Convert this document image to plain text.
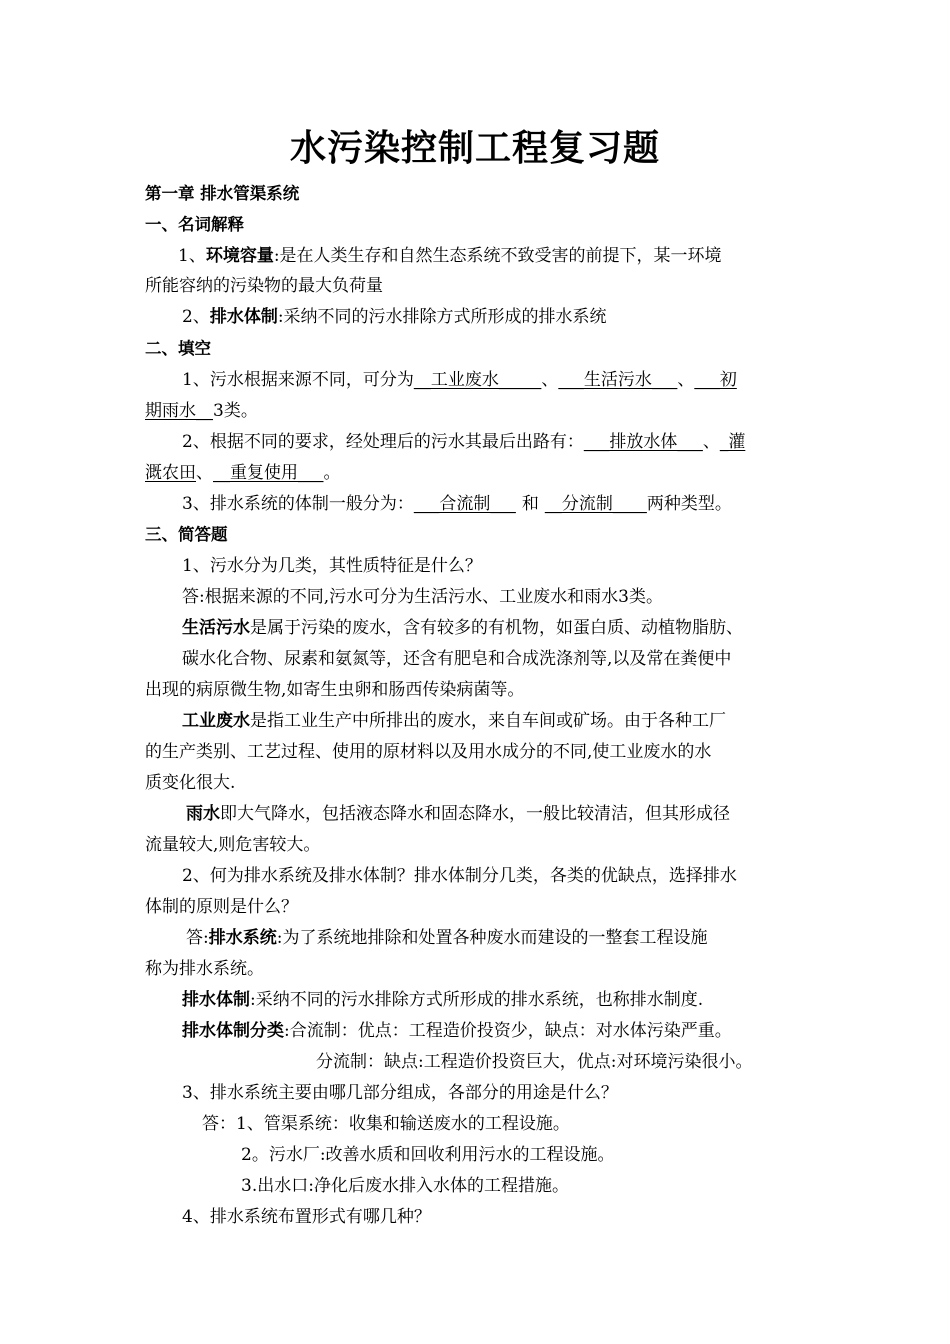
水污染控制工程复习题
第一章 排水管渠系统
一、名词解释
1、环境容量:是在人类生存和自然生态系统不致受害的前提下，某一环境
所能容纳的污染物的最大负荷量
2、排水体制:采纳不同的污水排除方式所形成的排水系统
二、填空
1、污水根据来源不同，可分为__工业废水_____、___生活污水___、___初
期雨水__3类。
2、根据不同的要求，经处理后的污水其最后出路有：___排放水体___、_灌
溉农田、__重复使用___。
3、排水系统的体制一般分为：___合流制___ 和 __分流制____两种类型。
三、简答题
1、污水分为几类，其性质特征是什么？
答:根据来源的不同,污水可分为生活污水、工业废水和雨水3类。
生活污水是属于污染的废水，含有较多的有机物，如蛋白质、动植物脂肪、
碳水化合物、尿素和氨氮等，还含有肥皂和合成洗涤剂等,以及常在粪便中
出现的病原微生物,如寄生虫卵和肠西传染病菌等。
工业废水是指工业生产中所排出的废水，来自车间或矿场。由于各种工厂
的生产类别、工艺过程、使用的原材料以及用水成分的不同,使工业废水的水
质变化很大.
雨水即大气降水，包括液态降水和固态降水，一般比较清洁，但其形成径
流量较大,则危害较大。
2、何为排水系统及排水体制？排水体制分几类，各类的优缺点，选择排水
体制的原则是什么？
答:排水系统:为了系统地排除和处置各种废水而建设的一整套工程设施
称为排水系统。
排水体制:采纳不同的污水排除方式所形成的排水系统，也称排水制度.
排水体制分类:合流制：优点：工程造价投资少，缺点：对水体污染严重。
分流制：缺点:工程造价投资巨大，优点:对环境污染很小。
3、排水系统主要由哪几部分组成，各部分的用途是什么？
答：1、管渠系统：收集和输送废水的工程设施。
2。污水厂:改善水质和回收利用污水的工程设施。
3.出水口:净化后废水排入水体的工程措施。
4、排水系统布置形式有哪几种？
